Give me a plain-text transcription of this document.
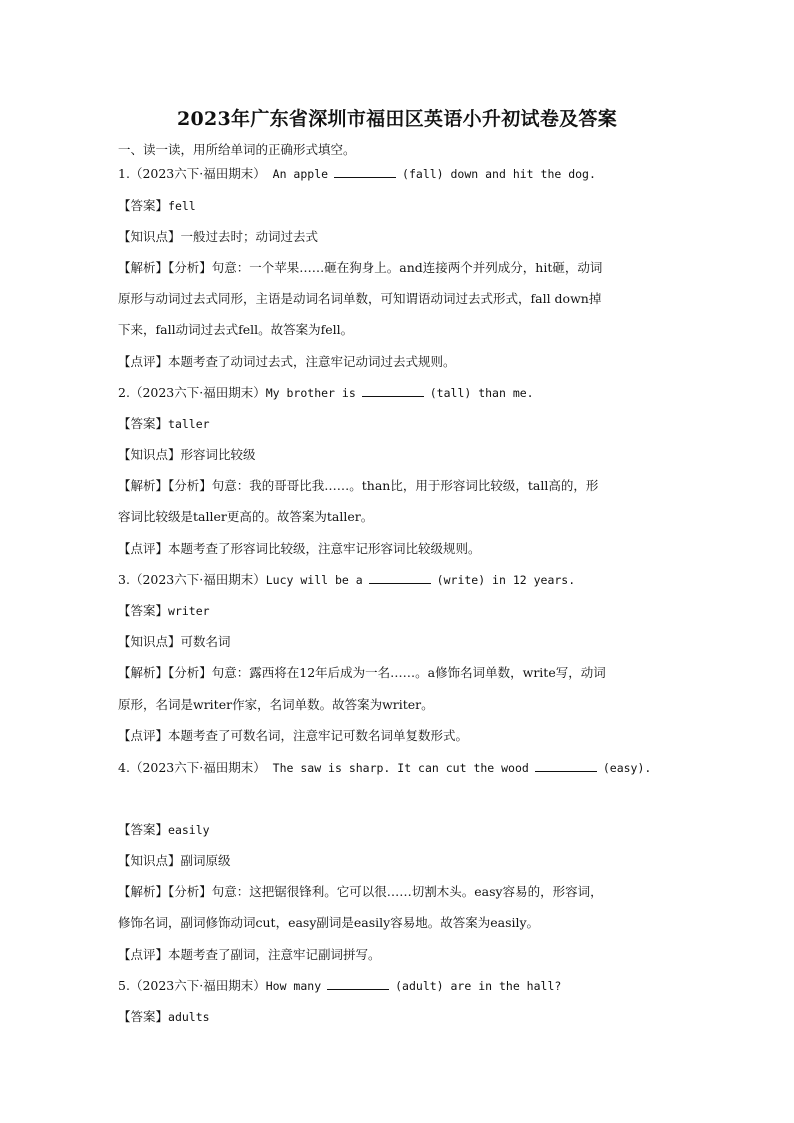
2023年广东省深圳市福田区英语小升初试卷及答案
一、读一读，用所给单词的正确形式填空。
1.（2023六下·福田期末） An apple	(fall) down and hit the dog.
【答案】fell
【知识点】一般过去时；动词过去式
【解析】【分析】句意：一个苹果……砸在狗身上。and连接两个并列成分，hit砸，动词
原形与动词过去式同形，主语是动词名词单数，可知谓语动词过去式形式，fall down掉
下来，fall动词过去式fell。故答案为fell。
【点评】本题考查了动词过去式，注意牢记动词过去式规则。
2.（2023六下·福田期末）My brother is	(tall) than me.
【答案】taller
【知识点】形容词比较级
【解析】【分析】句意：我的哥哥比我……。than比，用于形容词比较级，tall高的，形
容词比较级是taller更高的。故答案为taller。
【点评】本题考查了形容词比较级，注意牢记形容词比较级规则。
3.（2023六下·福田期末）Lucy will be a	(write) in 12 years.
【答案】writer
【知识点】可数名词
【解析】【分析】句意：露西将在12年后成为一名……。a修饰名词单数，write写，动词
原形，名词是writer作家，名词单数。故答案为writer。
【点评】本题考查了可数名词，注意牢记可数名词单复数形式。
4.（2023六下·福田期末） The saw is sharp. It can cut the wood	(easy).
【答案】easily
【知识点】副词原级
【解析】【分析】句意：这把锯很锋利。它可以很……切割木头。easy容易的，形容词，
修饰名词，副词修饰动词cut，easy副词是easily容易地。故答案为easily。
【点评】本题考查了副词，注意牢记副词拼写。
5.（2023六下·福田期末）How many	(adult) are in the hall?
【答案】adults
